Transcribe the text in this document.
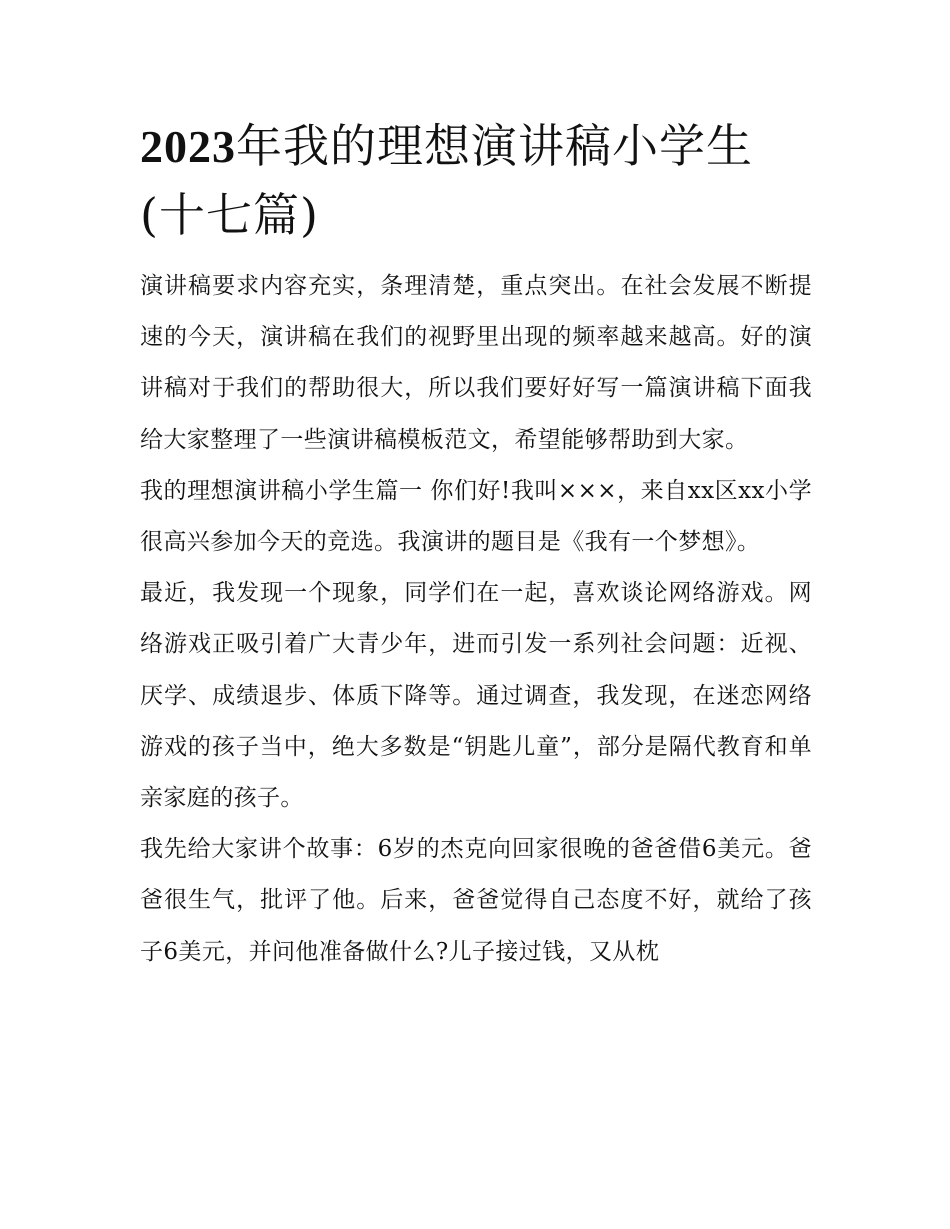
2023年我的理想演讲稿小学生(十七篇)

演讲稿要求内容充实，条理清楚，重点突出。在社会发展不断提速的今天，演讲稿在我们的视野里出现的频率越来越高。好的演讲稿对于我们的帮助很大，所以我们要好好写一篇演讲稿下面我给大家整理了一些演讲稿模板范文，希望能够帮助到大家。

我的理想演讲稿小学生篇一 你们好!我叫×××，来自xx区xx小学 很高兴参加今天的竞选。我演讲的题目是《我有一个梦想》。

最近，我发现一个现象，同学们在一起，喜欢谈论网络游戏。网络游戏正吸引着广大青少年，进而引发一系列社会问题：近视、厌学、成绩退步、体质下降等。通过调查，我发现，在迷恋网络游戏的孩子当中，绝大多数是“钥匙儿童”，部分是隔代教育和单亲家庭的孩子。

我先给大家讲个故事：6岁的杰克向回家很晚的爸爸借6美元。爸爸很生气，批评了他。后来，爸爸觉得自己态度不好，就给了孩子6美元，并问他准备做什么?儿子接过钱，又从枕
